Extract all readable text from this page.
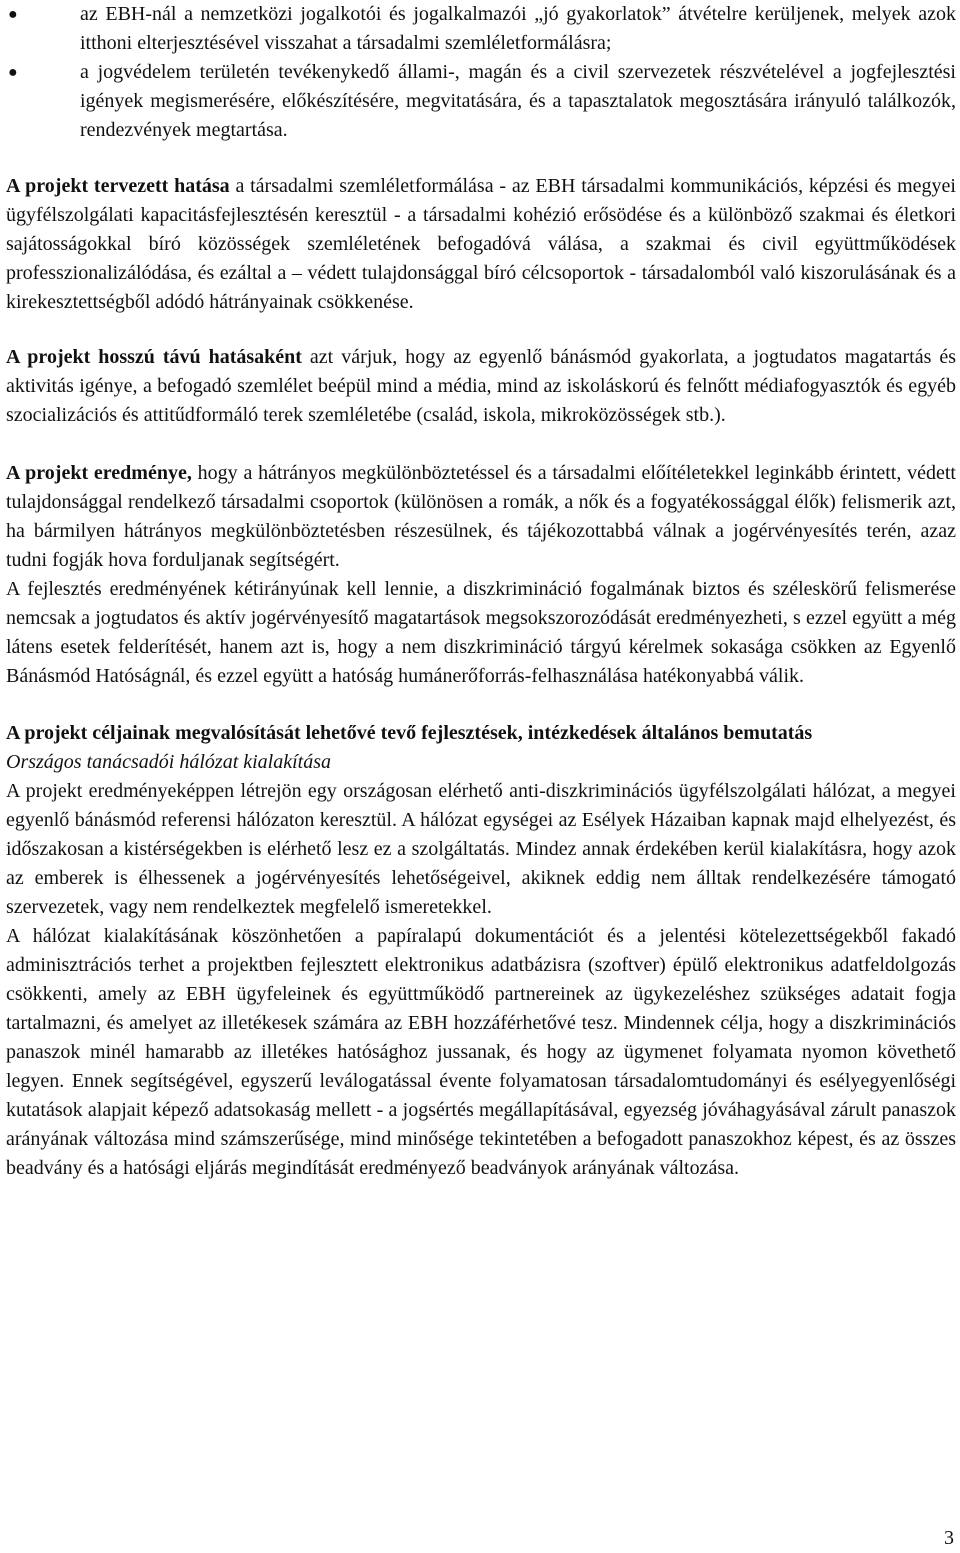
●	az EBH-nál a nemzetközi jogalkotói és jogalkalmazói „jó gyakorlatok” átvételre kerüljenek, melyek azok itthoni elterjesztésével visszahat a társadalmi szemléletformálásra;
●	a jogvédelem területén tevékenykedő állami-, magán és a civil szervezetek részvételével a jogfejlesztési igények megismerésére, előkészítésére, megvitatására, és a tapasztalatok megosztására irányuló találkozók, rendezvények megtartása.

A projekt tervezett hatása a társadalmi szemléletformálása - az EBH társadalmi kommunikációs, képzési és megyei ügyfélszolgálati kapacitásfejlesztésén keresztül - a társadalmi kohézió erősödése és a különböző szakmai és életkori sajátosságokkal bíró közösségek szemléletének befogadóvá válása, a szakmai és civil együttműködések professzionalizálódása, és ezáltal a – védett tulajdonsággal bíró célcsoportok - társadalomból való kiszorulásának és a kirekesztettségből adódó hátrányainak csökkenése.

A projekt hosszú távú hatásaként azt várjuk, hogy az egyenlő bánásmód gyakorlata, a jogtudatos magatartás és aktivitás igénye, a befogadó szemlélet beépül mind a média, mind az iskoláskorú és felnőtt médiafogyasztók és egyéb szocializációs és attitűdformáló terek szemléletébe (család, iskola, mikroközösségek stb.).

A projekt eredménye, hogy a hátrányos megkülönböztetéssel és a társadalmi előítéletekkel leginkább érintett, védett tulajdonsággal rendelkező társadalmi csoportok (különösen a romák, a nők és a fogyatékossággal élők) felismerik azt, ha bármilyen hátrányos megkülönböztetésben részesülnek, és tájékozottabbá válnak a jogérvényesítés terén, azaz tudni fogják hova forduljanak segítségért.

A fejlesztés eredményének kétirányúnak kell lennie, a diszkrimináció fogalmának biztos és széleskörű felismerése nemcsak a jogtudatos és aktív jogérvényesítő magatartások megsokszorozódását eredményezheti, s ezzel együtt a még látens esetek felderítését, hanem azt is, hogy a nem diszkrimináció tárgyú kérelmek sokasága csökken az Egyenlő Bánásmód Hatóságnál, és ezzel együtt a hatóság humánerőforrás-felhasználása hatékonyabbá válik.

A projekt céljainak megvalósítását lehetővé tevő fejlesztések, intézkedések általános bemutatás

Országos tanácsadói hálózat kialakítása

A projekt eredményeképpen létrejön egy országosan elérhető anti-diszkriminációs ügyfélszolgálati hálózat, a megyei egyenlő bánásmód referensi hálózaton keresztül. A hálózat egységei az Esélyek Házaiban kapnak majd elhelyezést, és időszakosan a kistérségekben is elérhető lesz ez a szolgáltatás. Mindez annak érdekében kerül kialakításra, hogy azok az emberek is élhessenek a jogérvényesítés lehetőségeivel, akiknek eddig nem álltak rendelkezésére támogató szervezetek, vagy nem rendelkeztek megfelelő ismeretekkel.

A hálózat kialakításának köszönhetően a papíralapú dokumentációt és a jelentési kötelezettségekből fakadó adminisztrációs terhet a projektben fejlesztett elektronikus adatbázisra (szoftver) épülő elektronikus adatfeldolgozás csökkenti, amely az EBH ügyfeleinek és együttműködő partnereinek az ügykezeléshez szükséges adatait fogja tartalmazni, és amelyet az illetékesek számára az EBH hozzáférhetővé tesz. Mindennek célja, hogy a diszkriminációs panaszok minél hamarabb az illetékes hatósághoz jussanak, és hogy az ügymenet folyamata nyomon követhető legyen. Ennek segítségével, egyszerű leválogatással évente folyamatosan társadalomtudományi és esélyegyenlőségi kutatások alapjait képező adatsokaság mellett - a jogsértés megállapításával, egyezség jóváhagyásával zárult panaszok arányának változása mind számszerűsége, mind minősége tekintetében a befogadott panaszokhoz képest, és az összes beadvány és a hatósági eljárás megindítását eredményező beadványok arányának változása.

3
